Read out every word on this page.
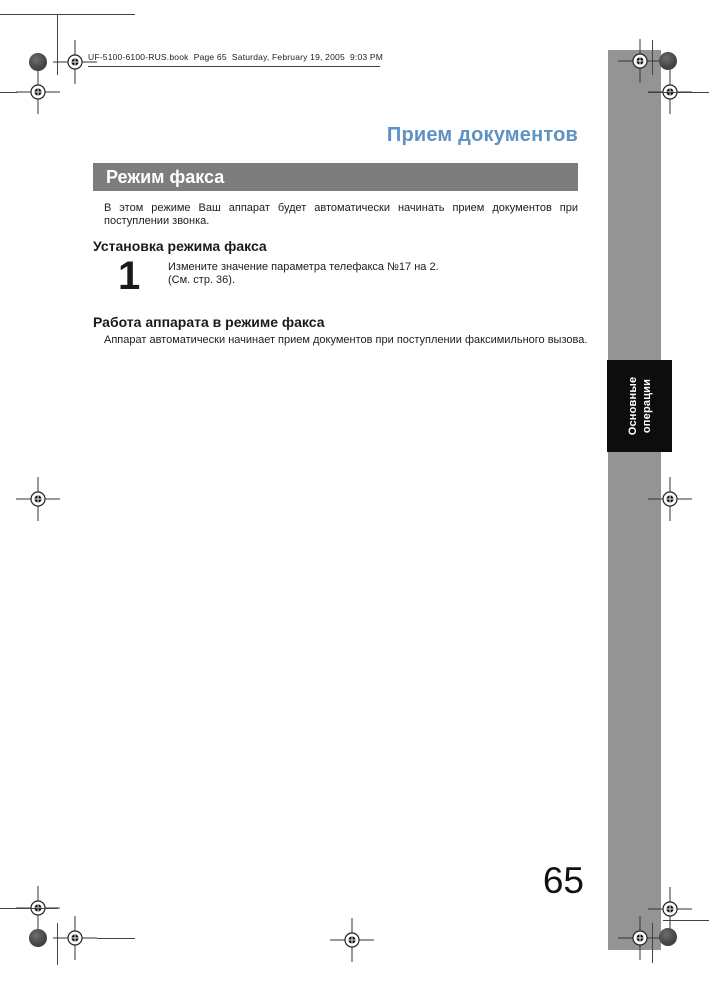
UF-5100-6100-RUS.book  Page 65  Saturday, February 19, 2005  9:03 PM
Прием документов
Режим факса
В этом режиме Ваш аппарат будет автоматически начинать прием документов при поступлении звонка.
Установка режима факса
1	Измените значение параметра телефакса №17 на 2.
(См. стр. 36).
Работа аппарата в режиме факса
Аппарат автоматически начинает прием документов при поступлении факсимильного вызова.
65
Основные операции
